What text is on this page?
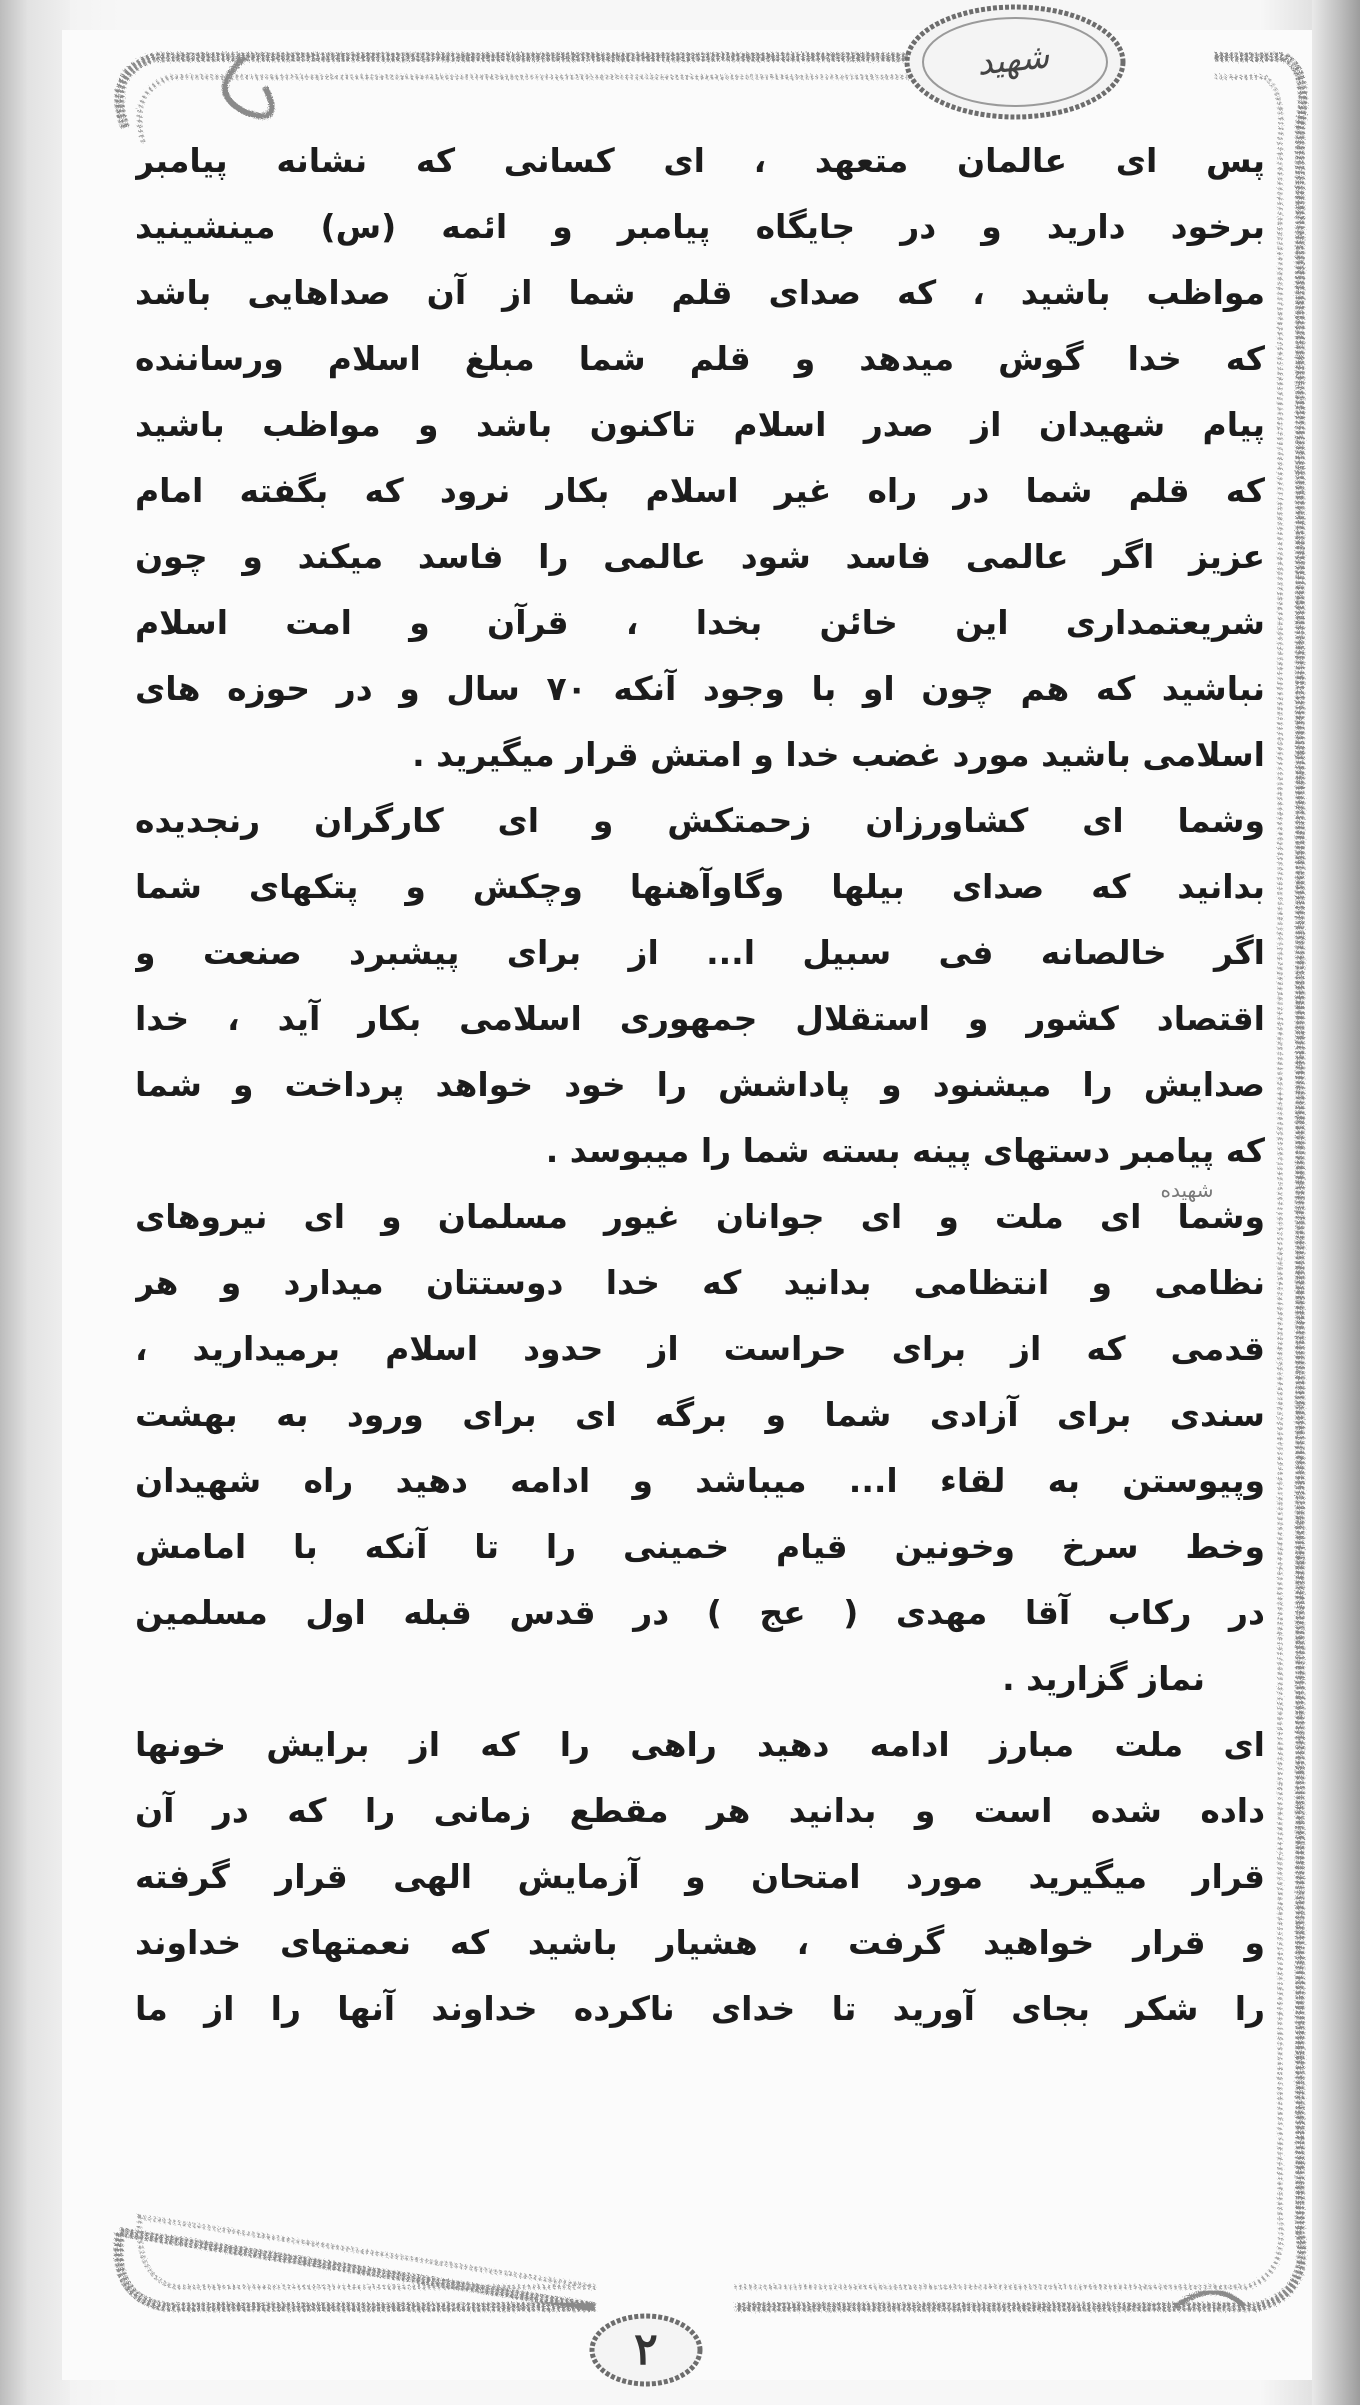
شهید
پس ای عالمان متعهد ، ای کسانی که نشانه پیامبر
برخود دارید و در جایگاه پیامبر و ائمه (س) مینشینید
مواظب باشید ، که صدای قلم شما از آن صداهایی باشد
که خدا گوش میدهد و قلم شما مبلغ اسلام ورساننده
پیام شهیدان از صدر اسلام تاکنون باشد و مواظب باشید
که قلم شما در راه غیر اسلام بکار نرود که بگفته امام
عزیز اگر عالمی فاسد شود عالمی را فاسد میکند و چون
شریعتمداری این خائن بخدا ، قرآن و امت اسلام
نباشید که هم چون او با وجود آنکه ۷۰ سال و در حوزه های
اسلامی باشید مورد غضب خدا و امتش قرار میگیرید .
وشما ای کشاورزان زحمتکش و ای کارگران رنجدیده
بدانید که صدای بیلها وگاوآهنها وچکش و پتکهای شما
اگر خالصانه فی سبیل ا... از برای پیشبرد صنعت و
اقتصاد کشور و استقلال جمهوری اسلامی بکار آید ، خدا
صدایش را میشنود و پاداشش را خود خواهد پرداخت و شما
که پیامبر دستهای پینه بسته شما را میبوسد .
وشما ای ملت و ای جوانان غیور مسلمان و ای نیروهای
نظامی و انتظامی بدانید که خدا دوستتان میدارد و هر
قدمی که از برای حراست از حدود اسلام برمیدارید ،
سندی برای آزادی شما و برگه ای برای ورود به بهشت
وپیوستن به لقاء ا... میباشد و ادامه دهید راه شهیدان
وخط سرخ وخونین قیام خمینی را تا آنکه با امامش
در رکاب آقا مهدی ( عج ) در قدس قبله اول مسلمین
نماز گزارید .
ای ملت مبارز ادامه دهید راهی را که از برایش خونها
داده شده است و بدانید هر مقطع زمانی را که در آن
قرار میگیرید مورد امتحان و آزمایش الهی قرار گرفته
و قرار خواهید گرفت ، هشیار باشید که نعمتهای خداوند
را شکر بجای آورید تا خدای ناکرده خداوند آنها را از ما
شهیده
۲
